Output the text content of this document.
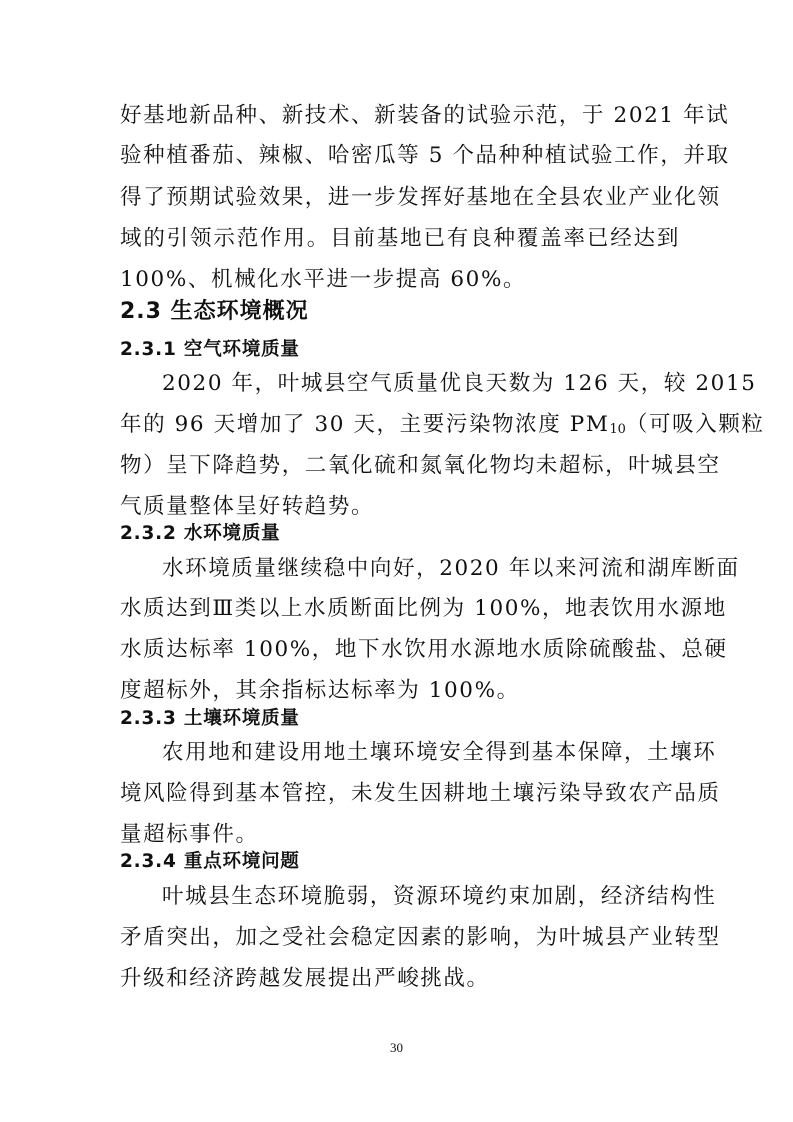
好基地新品种、新技术、新装备的试验示范，于 2021 年试
验种植番茄、辣椒、哈密瓜等 5 个品种种植试验工作，并取
得了预期试验效果，进一步发挥好基地在全县农业产业化领
域的引领示范作用。目前基地已有良种覆盖率已经达到
100%、机械化水平进一步提高 60%。
2.3 生态环境概况
2.3.1 空气环境质量
2020 年，叶城县空气质量优良天数为 126 天，较 2015
年的 96 天增加了 30 天，主要污染物浓度 $PM_{10}$（可吸入颗粒
物）呈下降趋势，二氧化硫和氮氧化物均未超标，叶城县空
气质量整体呈好转趋势。
2.3.2 水环境质量
水环境质量继续稳中向好，2020 年以来河流和湖库断面
水质达到Ⅲ类以上水质断面比例为 100%，地表饮用水源地
水质达标率 100%，地下水饮用水源地水质除硫酸盐、总硬
度超标外，其余指标达标率为 100%。
2.3.3 土壤环境质量
农用地和建设用地土壤环境安全得到基本保障，土壤环
境风险得到基本管控，未发生因耕地土壤污染导致农产品质
量超标事件。
2.3.4 重点环境问题
叶城县生态环境脆弱，资源环境约束加剧，经济结构性
矛盾突出，加之受社会稳定因素的影响，为叶城县产业转型
升级和经济跨越发展提出严峻挑战。
30
